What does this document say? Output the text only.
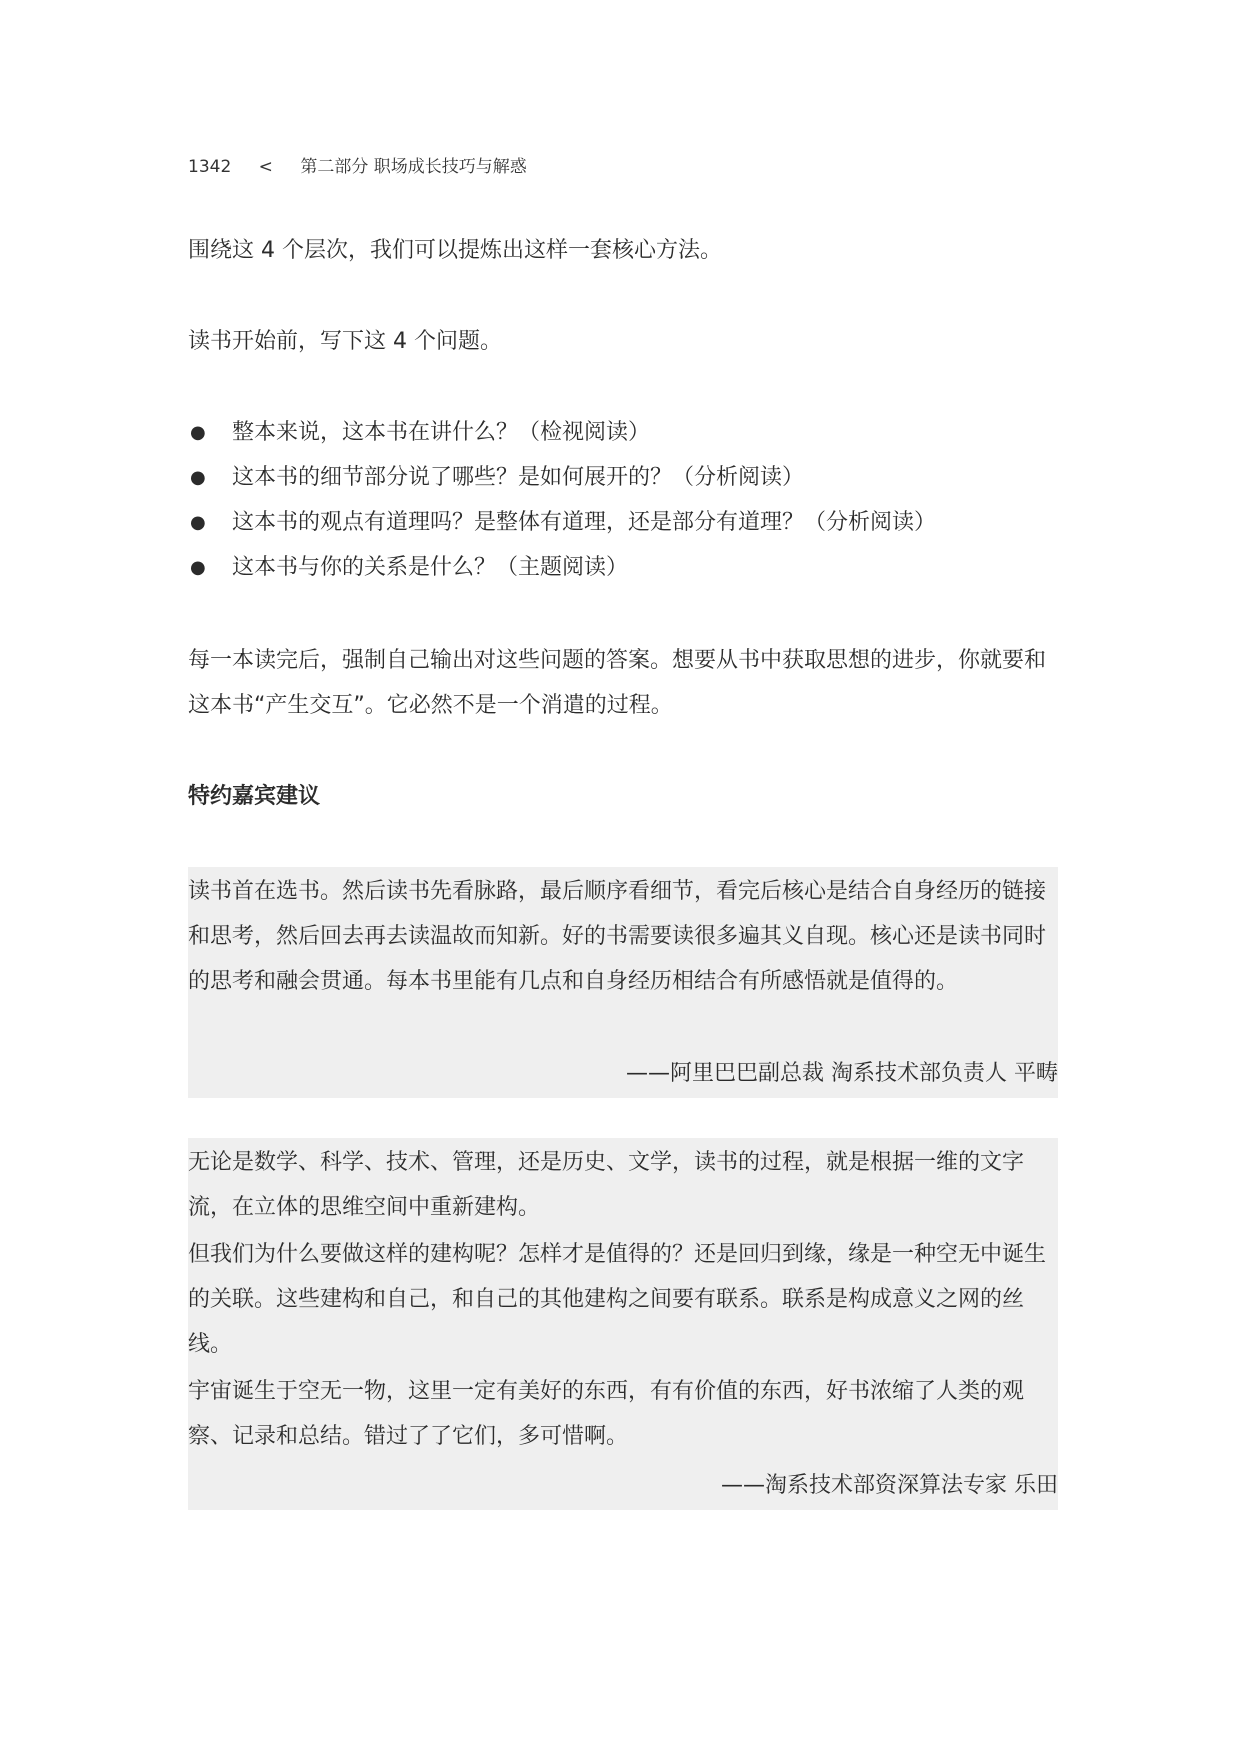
1342 < 第二部分 职场成长技巧与解惑

围绕这 4 个层次，我们可以提炼出这样一套核心方法。

读书开始前，写下这 4 个问题。

● 整本来说，这本书在讲什么？（检视阅读）
● 这本书的细节部分说了哪些？是如何展开的？（分析阅读）
● 这本书的观点有道理吗？是整体有道理，还是部分有道理？（分析阅读）
● 这本书与你的关系是什么？（主题阅读）

每一本读完后，强制自己输出对这些问题的答案。想要从书中获取思想的进步，你就要和这本书“产生交互”。它必然不是一个消遣的过程。

特约嘉宾建议

读书首在选书。然后读书先看脉路，最后顺序看细节，看完后核心是结合自身经历的链接和思考，然后回去再去读温故而知新。好的书需要读很多遍其义自现。核心还是读书同时的思考和融会贯通。每本书里能有几点和自身经历相结合有所感悟就是值得的。

——阿里巴巴副总裁 淘系技术部负责人 平畴

无论是数学、科学、技术、管理，还是历史、文学，读书的过程，就是根据一维的文字流，在立体的思维空间中重新建构。

但我们为什么要做这样的建构呢？怎样才是值得的？还是回归到缘，缘是一种空无中诞生的关联。这些建构和自己，和自己的其他建构之间要有联系。联系是构成意义之网的丝线。

宇宙诞生于空无一物，这里一定有美好的东西，有有价值的东西，好书浓缩了人类的观察、记录和总结。错过了了它们，多可惜啊。

——淘系技术部资深算法专家 乐田
